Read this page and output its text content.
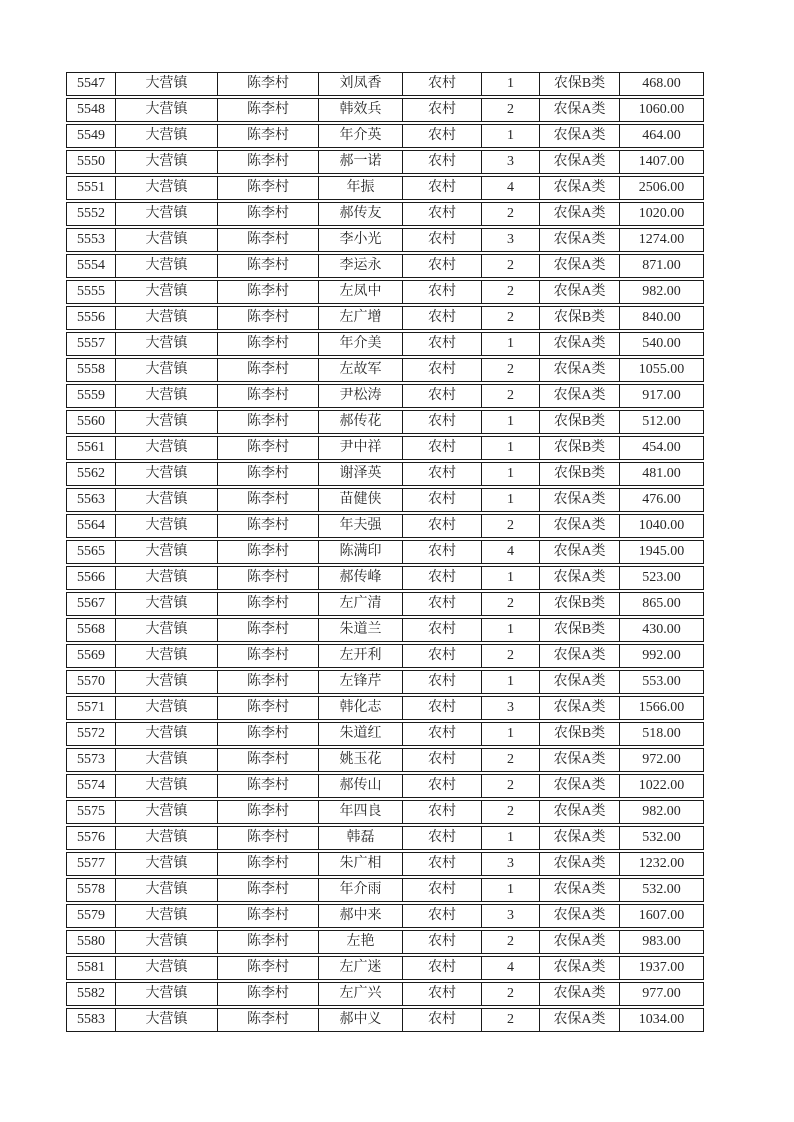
5547	大营镇	陈李村	刘凤香	农村	1	农保B类	468.00
5548	大营镇	陈李村	韩效兵	农村	2	农保A类	1060.00
5549	大营镇	陈李村	年介英	农村	1	农保A类	464.00
5550	大营镇	陈李村	郝一诺	农村	3	农保A类	1407.00
5551	大营镇	陈李村	年振	农村	4	农保A类	2506.00
5552	大营镇	陈李村	郝传友	农村	2	农保A类	1020.00
5553	大营镇	陈李村	李小光	农村	3	农保A类	1274.00
5554	大营镇	陈李村	李运永	农村	2	农保A类	871.00
5555	大营镇	陈李村	左凤中	农村	2	农保A类	982.00
5556	大营镇	陈李村	左广增	农村	2	农保B类	840.00
5557	大营镇	陈李村	年介美	农村	1	农保A类	540.00
5558	大营镇	陈李村	左故军	农村	2	农保A类	1055.00
5559	大营镇	陈李村	尹松涛	农村	2	农保A类	917.00
5560	大营镇	陈李村	郝传花	农村	1	农保B类	512.00
5561	大营镇	陈李村	尹中祥	农村	1	农保B类	454.00
5562	大营镇	陈李村	谢泽英	农村	1	农保B类	481.00
5563	大营镇	陈李村	苗健侠	农村	1	农保A类	476.00
5564	大营镇	陈李村	年夫强	农村	2	农保A类	1040.00
5565	大营镇	陈李村	陈满印	农村	4	农保A类	1945.00
5566	大营镇	陈李村	郝传峰	农村	1	农保A类	523.00
5567	大营镇	陈李村	左广清	农村	2	农保B类	865.00
5568	大营镇	陈李村	朱道兰	农村	1	农保B类	430.00
5569	大营镇	陈李村	左开利	农村	2	农保A类	992.00
5570	大营镇	陈李村	左锋芹	农村	1	农保A类	553.00
5571	大营镇	陈李村	韩化志	农村	3	农保A类	1566.00
5572	大营镇	陈李村	朱道红	农村	1	农保B类	518.00
5573	大营镇	陈李村	姚玉花	农村	2	农保A类	972.00
5574	大营镇	陈李村	郝传山	农村	2	农保A类	1022.00
5575	大营镇	陈李村	年四良	农村	2	农保A类	982.00
5576	大营镇	陈李村	韩磊	农村	1	农保A类	532.00
5577	大营镇	陈李村	朱广相	农村	3	农保A类	1232.00
5578	大营镇	陈李村	年介雨	农村	1	农保A类	532.00
5579	大营镇	陈李村	郝中来	农村	3	农保A类	1607.00
5580	大营镇	陈李村	左艳	农村	2	农保A类	983.00
5581	大营镇	陈李村	左广迷	农村	4	农保A类	1937.00
5582	大营镇	陈李村	左广兴	农村	2	农保A类	977.00
5583	大营镇	陈李村	郝中义	农村	2	农保A类	1034.00
